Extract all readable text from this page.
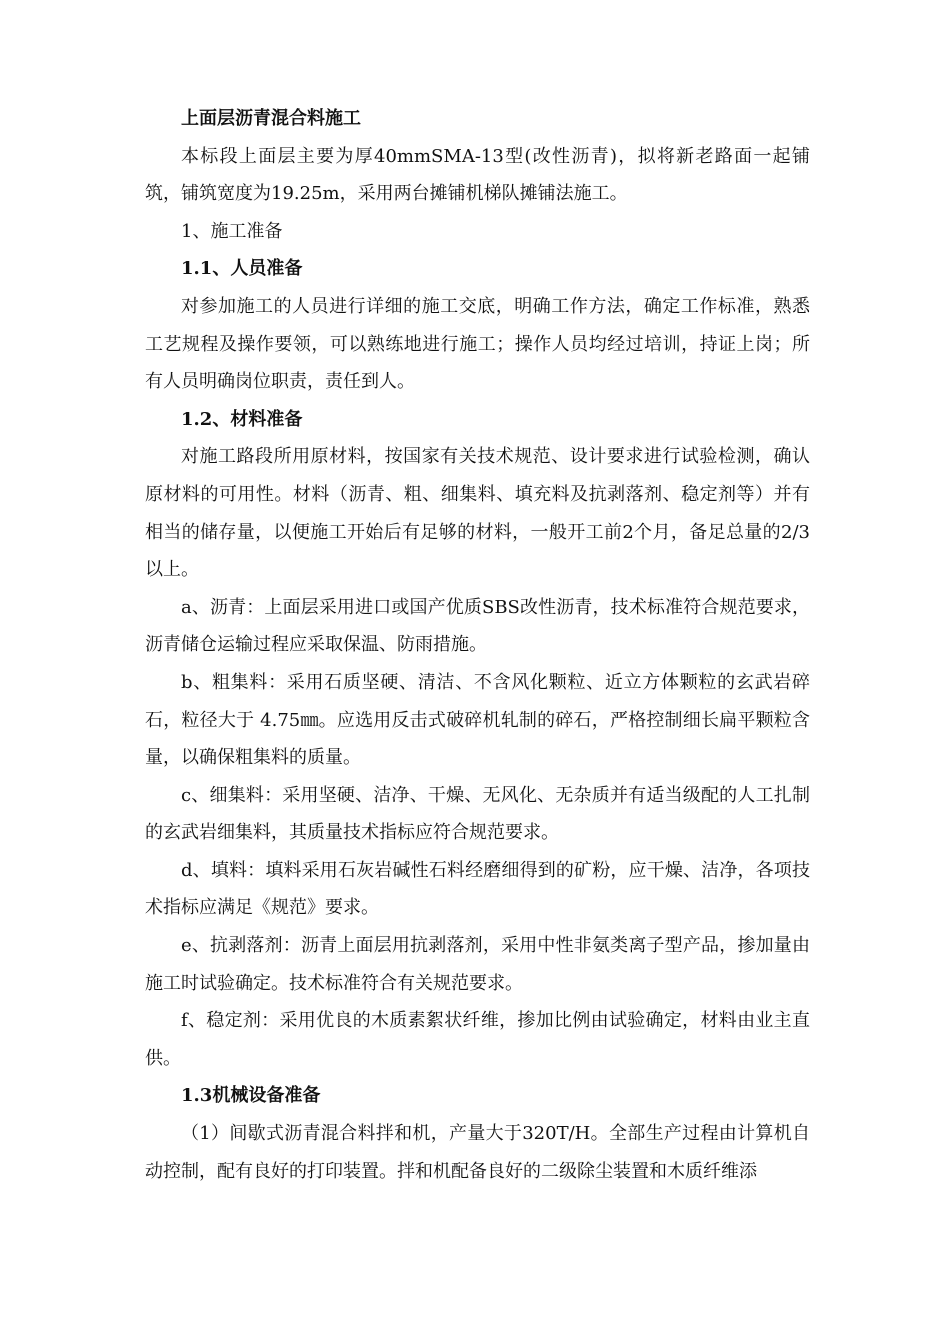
上面层沥青混合料施工

本标段上面层主要为厚40mmSMA-13型(改性沥青)，拟将新老路面一起铺筑，铺筑宽度为19.25m，采用两台摊铺机梯队摊铺法施工。

1、施工准备

1.1、人员准备

对参加施工的人员进行详细的施工交底，明确工作方法，确定工作标准，熟悉工艺规程及操作要领，可以熟练地进行施工；操作人员均经过培训，持证上岗；所有人员明确岗位职责，责任到人。

1.2、材料准备

对施工路段所用原材料，按国家有关技术规范、设计要求进行试验检测，确认原材料的可用性。材料（沥青、粗、细集料、填充料及抗剥落剂、稳定剂等）并有相当的储存量，以便施工开始后有足够的材料，一般开工前2个月，备足总量的2/3以上。

a、沥青：上面层采用进口或国产优质SBS改性沥青，技术标准符合规范要求，沥青储仓运输过程应采取保温、防雨措施。

b、粗集料：采用石质坚硬、清洁、不含风化颗粒、近立方体颗粒的玄武岩碎石，粒径大于 4.75㎜。应选用反击式破碎机轧制的碎石，严格控制细长扁平颗粒含量，以确保粗集料的质量。

c、细集料：采用坚硬、洁净、干燥、无风化、无杂质并有适当级配的人工扎制的玄武岩细集料，其质量技术指标应符合规范要求。

d、填料：填料采用石灰岩碱性石料经磨细得到的矿粉，应干燥、洁净，各项技术指标应满足《规范》要求。

e、抗剥落剂：沥青上面层用抗剥落剂，采用中性非氨类离子型产品，掺加量由施工时试验确定。技术标准符合有关规范要求。

f、稳定剂：采用优良的木质素絮状纤维，掺加比例由试验确定，材料由业主直供。

1.3机械设备准备

（1）间歇式沥青混合料拌和机，产量大于320T/H。全部生产过程由计算机自动控制，配有良好的打印装置。拌和机配备良好的二级除尘装置和木质纤维添
